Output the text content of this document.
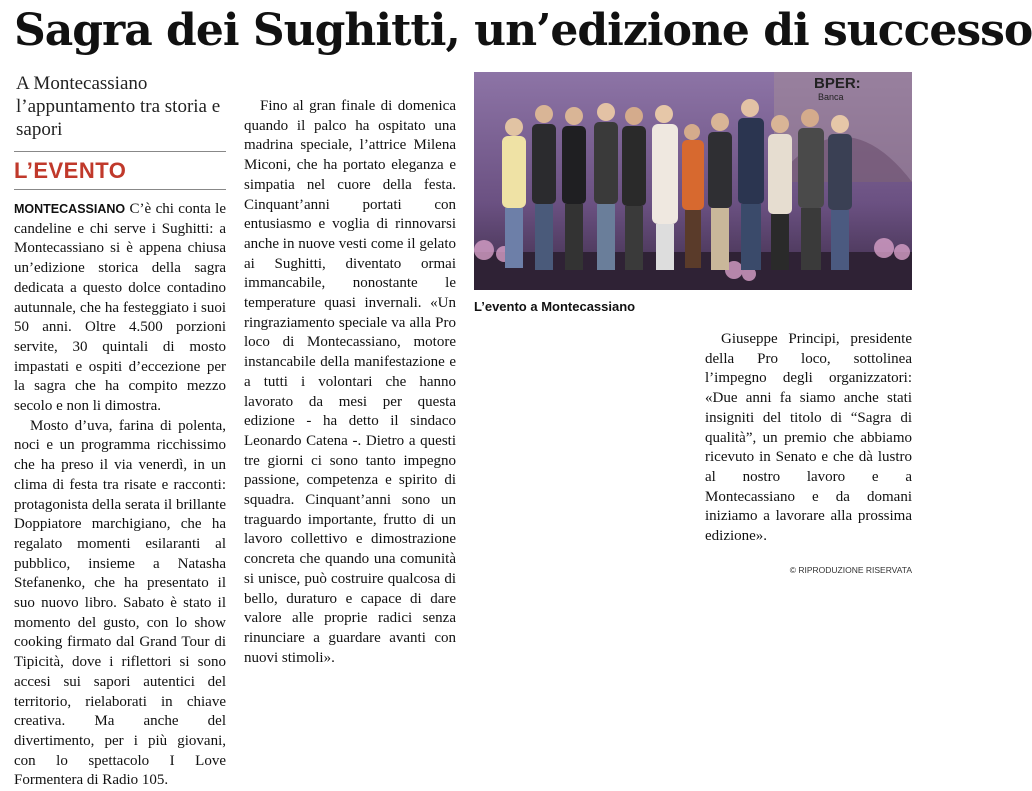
Sagra dei Sughitti, un’edizione di successo
A Montecassiano l’appuntamento tra storia e sapori
L’EVENTO

MONTECASSIANO C’è chi conta le candeline e chi serve i Sughitti: a Montecassiano si è appena chiusa un’edizione storica della sagra dedicata a questo dolce contadino autunnale, che ha festeggiato i suoi 50 anni. Oltre 4.500 porzioni servite, 30 quintali di mosto impastati e ospiti d’eccezione per la sagra che ha compito mezzo secolo e non li dimostra.

Mosto d’uva, farina di polenta, noci e un programma ricchissimo che ha preso il via venerdì, in un clima di festa tra risate e racconti: protagonista della serata il brillante Doppiatore marchigiano, che ha regalato momenti esilaranti al pubblico, insieme a Natasha Stefanenko, che ha presentato il suo nuovo libro. Sabato è stato il momento del gusto, con lo show cooking firmato dal Grand Tour di Tipicità, dove i riflettori si sono accesi sui sapori autentici del territorio, rielaborati in chiave creativa. Ma anche del divertimento, per i più giovani, con lo spettacolo I Love Formentera di Radio 105.

Fino al gran finale di domenica quando il palco ha ospitato una madrina speciale, l’attrice Milena Miconi, che ha portato eleganza e simpatia nel cuore della festa. Cinquant’anni portati con entusiasmo e voglia di rinnovarsi anche in nuove vesti come il gelato ai Sughitti, diventato ormai immancabile, nonostante le temperature quasi invernali. «Un ringraziamento speciale va alla Pro loco di Montecassiano, motore instancabile della manifestazione e a tutti i volontari che hanno lavorato da mesi per questa edizione - ha detto il sindaco Leonardo Catena -. Dietro a questi tre giorni ci sono tanto impegno passione, competenza e spirito di squadra. Cinquant’anni sono un traguardo importante, frutto di un lavoro collettivo e dimostrazione concreta che quando una comunità si unisce, può costruire qualcosa di bello, duraturo e capace di dare valore alle proprie radici senza rinunciare a guardare avanti con nuovi stimoli».

BPER:
Banca
L’evento a Montecassiano

Giuseppe Principi, presidente della Pro loco, sottolinea l’impegno degli organizzatori: «Due anni fa siamo anche stati insigniti del titolo di “Sagra di qualità”, un premio che abbiamo ricevuto in Senato e che dà lustro al nostro lavoro e a Montecassiano e da domani iniziamo a lavorare alla prossima edizione».

© RIPRODUZIONE RISERVATA
